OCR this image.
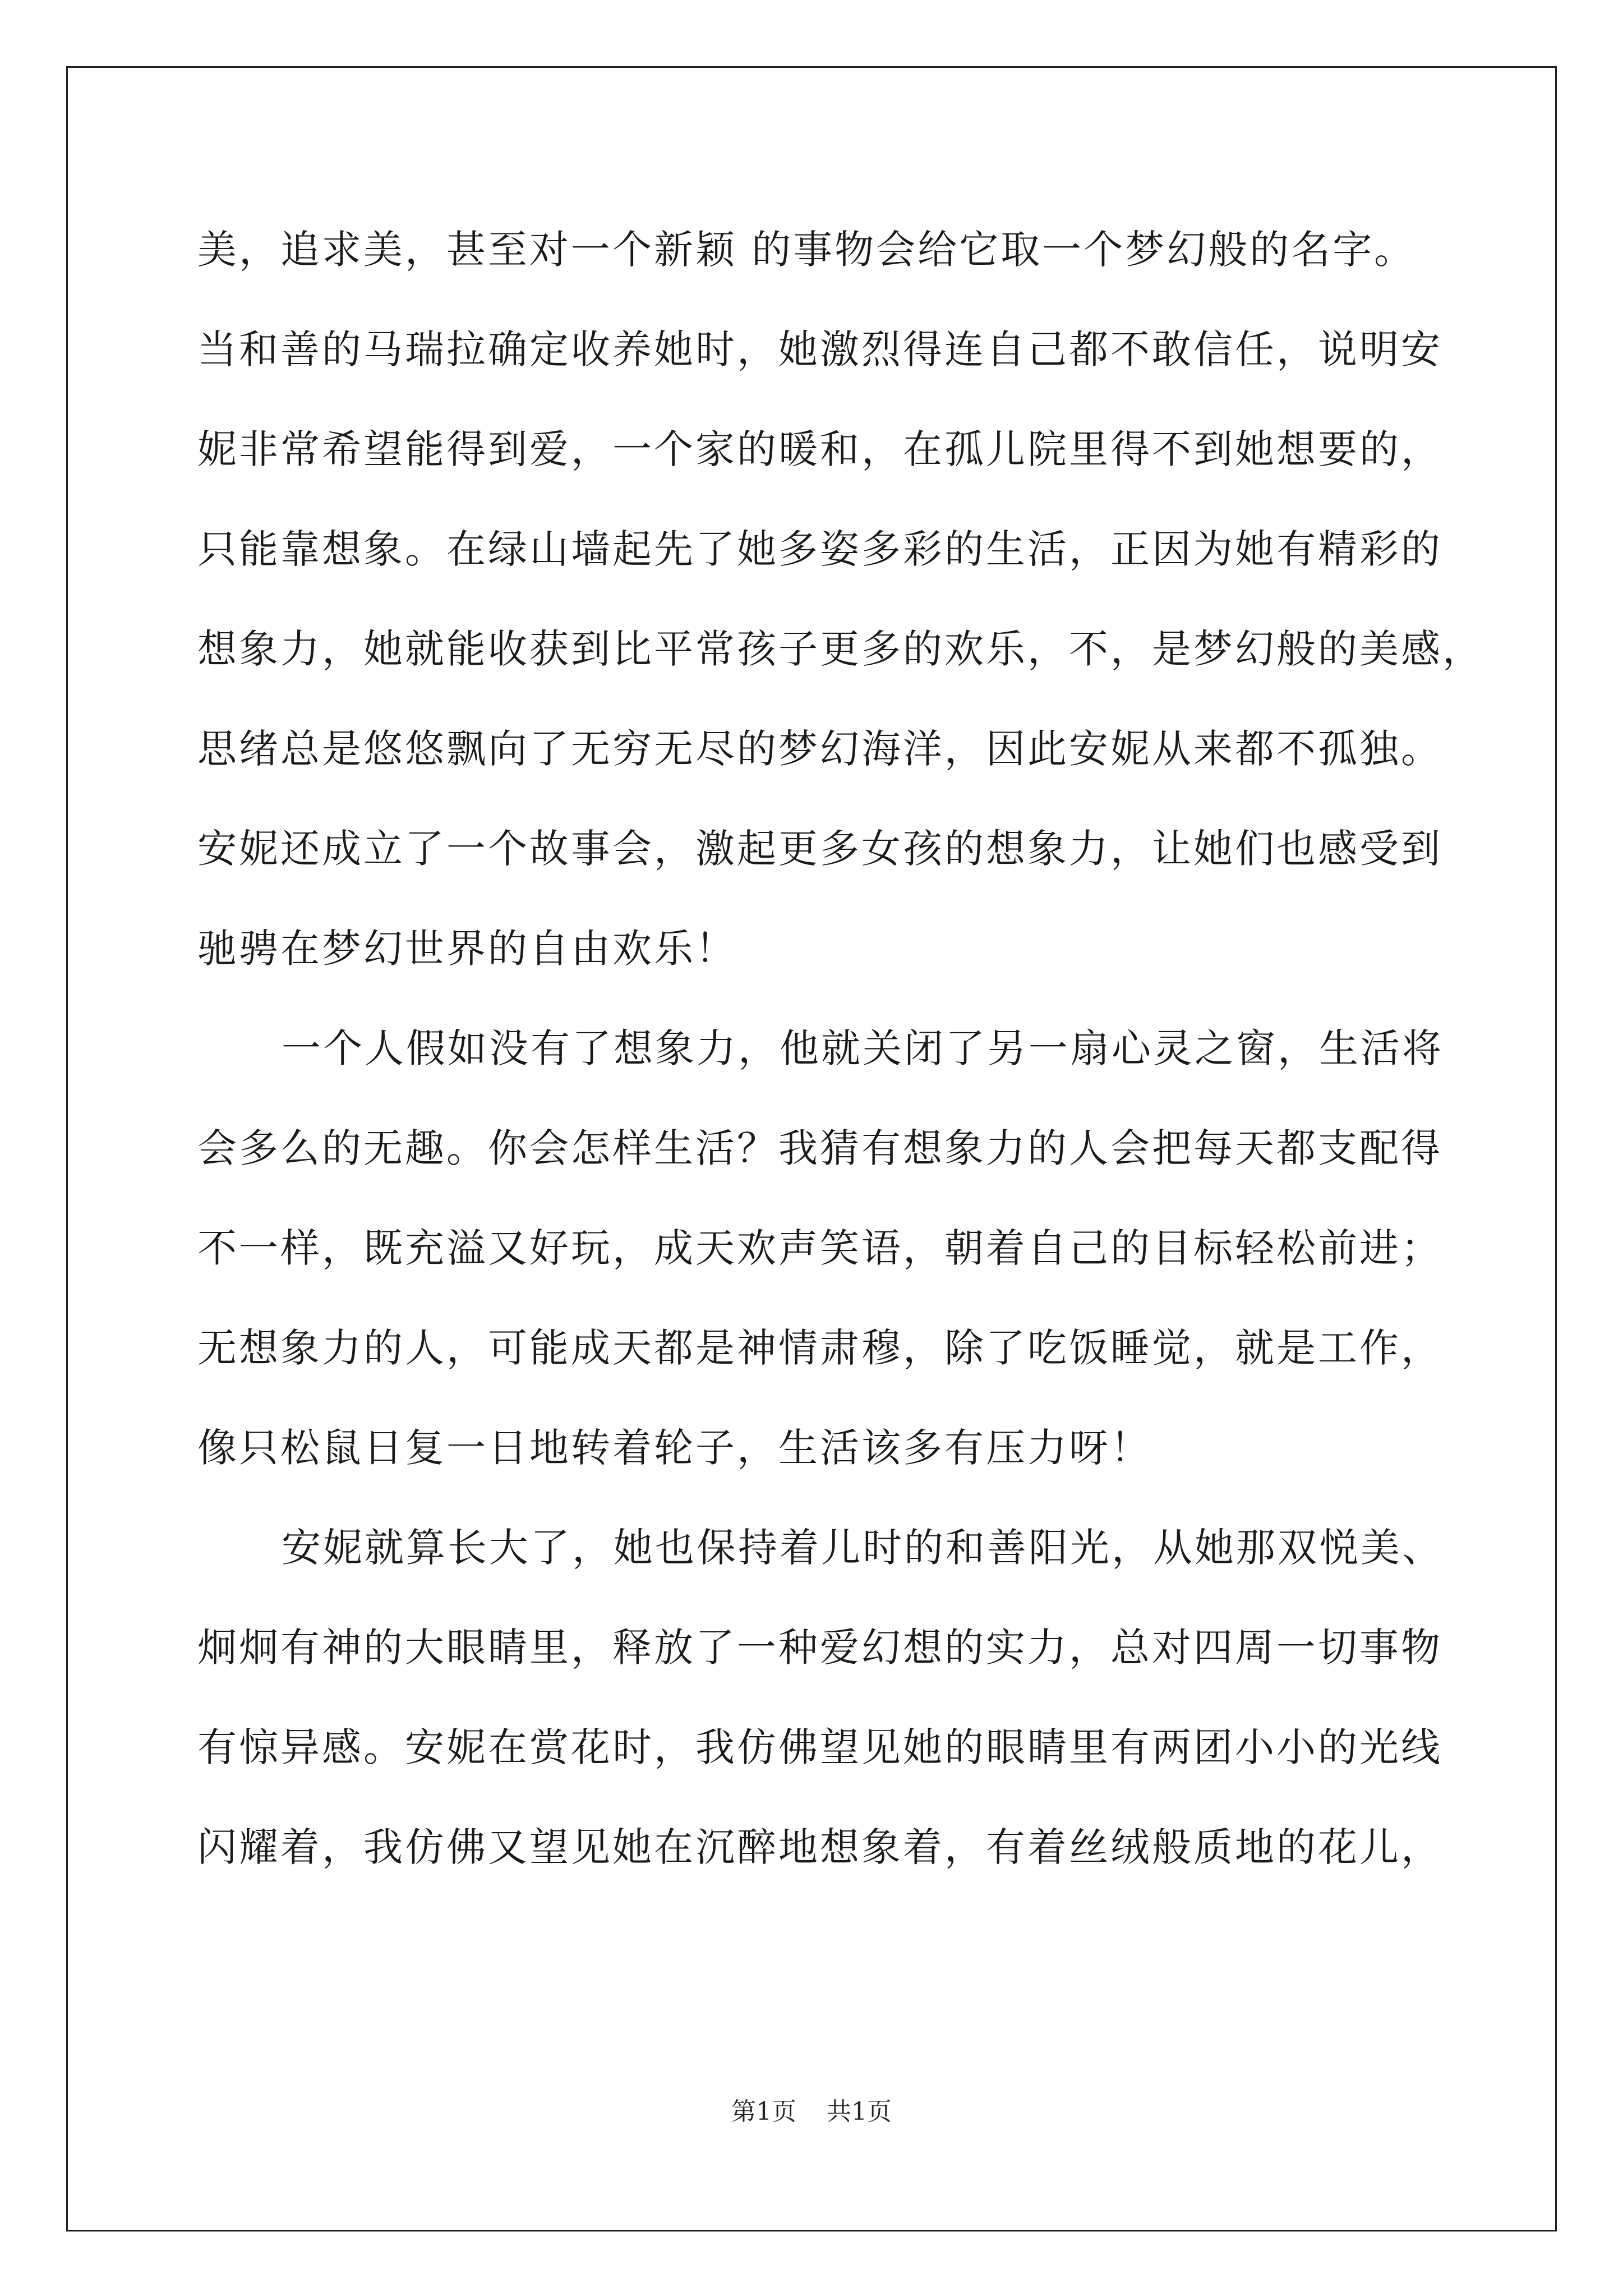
美，追求美，甚至对一个新颖 的事物会给它取一个梦幻般的名字。
当和善的马瑞拉确定收养她时，她激烈得连自己都不敢信任，说明安
妮非常希望能得到爱，一个家的暖和，在孤儿院里得不到她想要的，
只能靠想象。在绿山墙起先了她多姿多彩的生活，正因为她有精彩的
想象力，她就能收获到比平常孩子更多的欢乐，不，是梦幻般的美感，
思绪总是悠悠飘向了无穷无尽的梦幻海洋，因此安妮从来都不孤独。
安妮还成立了一个故事会，激起更多女孩的想象力，让她们也感受到
驰骋在梦幻世界的自由欢乐！
一个人假如没有了想象力，他就关闭了另一扇心灵之窗，生活将
会多么的无趣。你会怎样生活？我猜有想象力的人会把每天都支配得
不一样，既充溢又好玩，成天欢声笑语，朝着自己的目标轻松前进；
无想象力的人，可能成天都是神情肃穆，除了吃饭睡觉，就是工作，
像只松鼠日复一日地转着轮子，生活该多有压力呀！
安妮就算长大了，她也保持着儿时的和善阳光，从她那双悦美、
炯炯有神的大眼睛里，释放了一种爱幻想的实力，总对四周一切事物
有惊异感。安妮在赏花时，我仿佛望见她的眼睛里有两团小小的光线
闪耀着，我仿佛又望见她在沉醉地想象着，有着丝绒般质地的花儿，
第1页 共1页
